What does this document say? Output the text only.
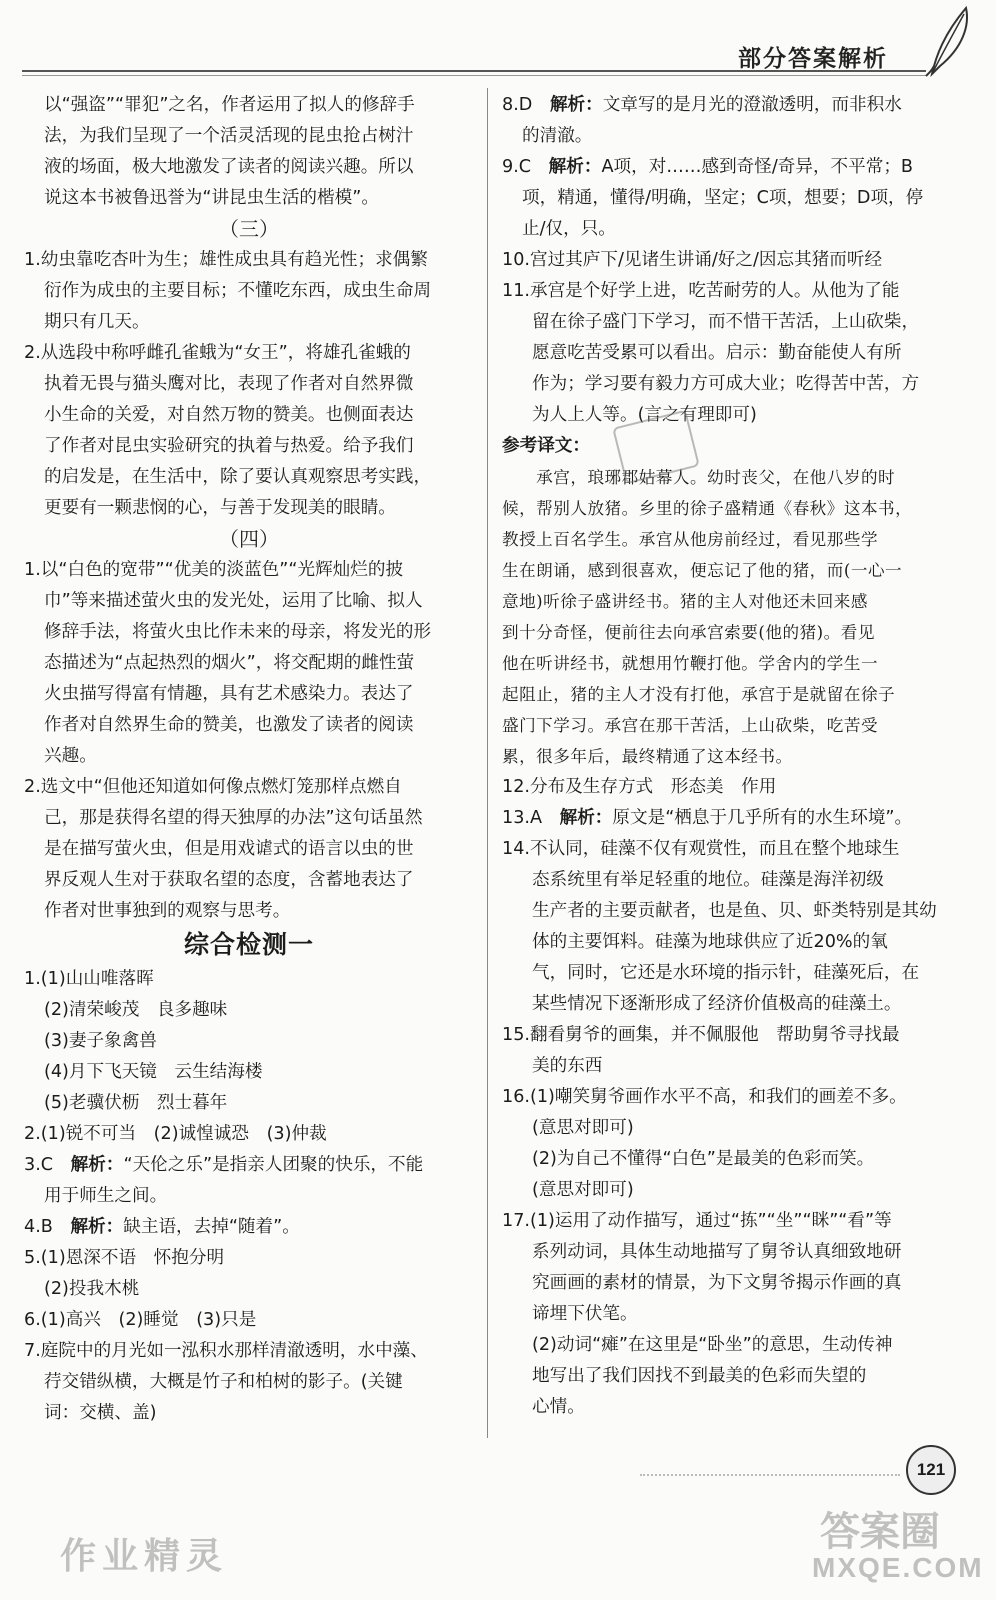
部分答案解析
以“强盗”“罪犯”之名，作者运用了拟人的修辞手
法，为我们呈现了一个活灵活现的昆虫抢占树汁
液的场面，极大地激发了读者的阅读兴趣。所以
说这本书被鲁迅誉为“讲昆虫生活的楷模”。
（三）
1.幼虫靠吃杏叶为生；雄性成虫具有趋光性；求偶繁
衍作为成虫的主要目标；不懂吃东西，成虫生命周
期只有几天。
2.从选段中称呼雌孔雀蛾为“女王”，将雄孔雀蛾的
执着无畏与猫头鹰对比，表现了作者对自然界微
小生命的关爱，对自然万物的赞美。也侧面表达
了作者对昆虫实验研究的执着与热爱。给予我们
的启发是，在生活中，除了要认真观察思考实践，
更要有一颗悲悯的心，与善于发现美的眼睛。
（四）
1.以“白色的宽带”“优美的淡蓝色”“光辉灿烂的披
巾”等来描述萤火虫的发光处，运用了比喻、拟人
修辞手法，将萤火虫比作未来的母亲，将发光的形
态描述为“点起热烈的烟火”，将交配期的雌性萤
火虫描写得富有情趣，具有艺术感染力。表达了
作者对自然界生命的赞美，也激发了读者的阅读
兴趣。
2.选文中“但他还知道如何像点燃灯笼那样点燃自
己，那是获得名望的得天独厚的办法”这句话虽然
是在描写萤火虫，但是用戏谑式的语言以虫的世
界反观人生对于获取名望的态度，含蓄地表达了
作者对世事独到的观察与思考。
综合检测一
1.(1)山山唯落晖
(2)清荣峻茂　良多趣味
(3)妻子象禽兽
(4)月下飞天镜　云生结海楼
(5)老骥伏枥　烈士暮年
2.(1)锐不可当　(2)诚惶诚恐　(3)仲裁
3.C　解析：“天伦之乐”是指亲人团聚的快乐，不能
用于师生之间。
4.B　解析：缺主语，去掉“随着”。
5.(1)恩深不语　怀抱分明
(2)投我木桃
6.(1)高兴　(2)睡觉　(3)只是
7.庭院中的月光如一泓积水那样清澈透明，水中藻、
荇交错纵横，大概是竹子和柏树的影子。(关键
词：交横、盖)
8.D　解析：文章写的是月光的澄澈透明，而非积水
的清澈。
9.C　解析：A项，对……感到奇怪/奇异，不平常；B
项，精通，懂得/明确，坚定；C项，想要；D项，停
止/仅，只。
10.宫过其庐下/见诸生讲诵/好之/因忘其猪而听经
11.承宫是个好学上进，吃苦耐劳的人。从他为了能
留在徐子盛门下学习，而不惜干苦活，上山砍柴，
愿意吃苦受累可以看出。启示：勤奋能使人有所
作为；学习要有毅力方可成大业；吃得苦中苦，方
为人上人等。(言之有理即可)
参考译文：
　　承宫，琅琊郡姑幕人。幼时丧父，在他八岁的时
候，帮别人放猪。乡里的徐子盛精通《春秋》这本书，
教授上百名学生。承宫从他房前经过，看见那些学
生在朗诵，感到很喜欢，便忘记了他的猪，而(一心一
意地)听徐子盛讲经书。猪的主人对他还未回来感
到十分奇怪，便前往去向承宫索要(他的猪)。看见
他在听讲经书，就想用竹鞭打他。学舍内的学生一
起阻止，猪的主人才没有打他，承宫于是就留在徐子
盛门下学习。承宫在那干苦活，上山砍柴，吃苦受
累，很多年后，最终精通了这本经书。
12.分布及生存方式　形态美　作用
13.A　解析：原文是“栖息于几乎所有的水生环境”。
14.不认同，硅藻不仅有观赏性，而且在整个地球生
态系统里有举足轻重的地位。硅藻是海洋初级
生产者的主要贡献者，也是鱼、贝、虾类特别是其幼
体的主要饵料。硅藻为地球供应了近20%的氧
气，同时，它还是水环境的指示针，硅藻死后，在
某些情况下逐渐形成了经济价值极高的硅藻土。
15.翻看舅爷的画集，并不佩服他　帮助舅爷寻找最
美的东西
16.(1)嘲笑舅爷画作水平不高，和我们的画差不多。
(意思对即可)
(2)为自己不懂得“白色”是最美的色彩而笑。
(意思对即可)
17.(1)运用了动作描写，通过“拣”“坐”“眯”“看”等
系列动词，具体生动地描写了舅爷认真细致地研
究画画的素材的情景，为下文舅爷揭示作画的真
谛埋下伏笔。
(2)动词“瘫”在这里是“卧坐”的意思，生动传神
地写出了我们因找不到最美的色彩而失望的
心情。
121
答案圈
MXQE.COM
作业精灵
